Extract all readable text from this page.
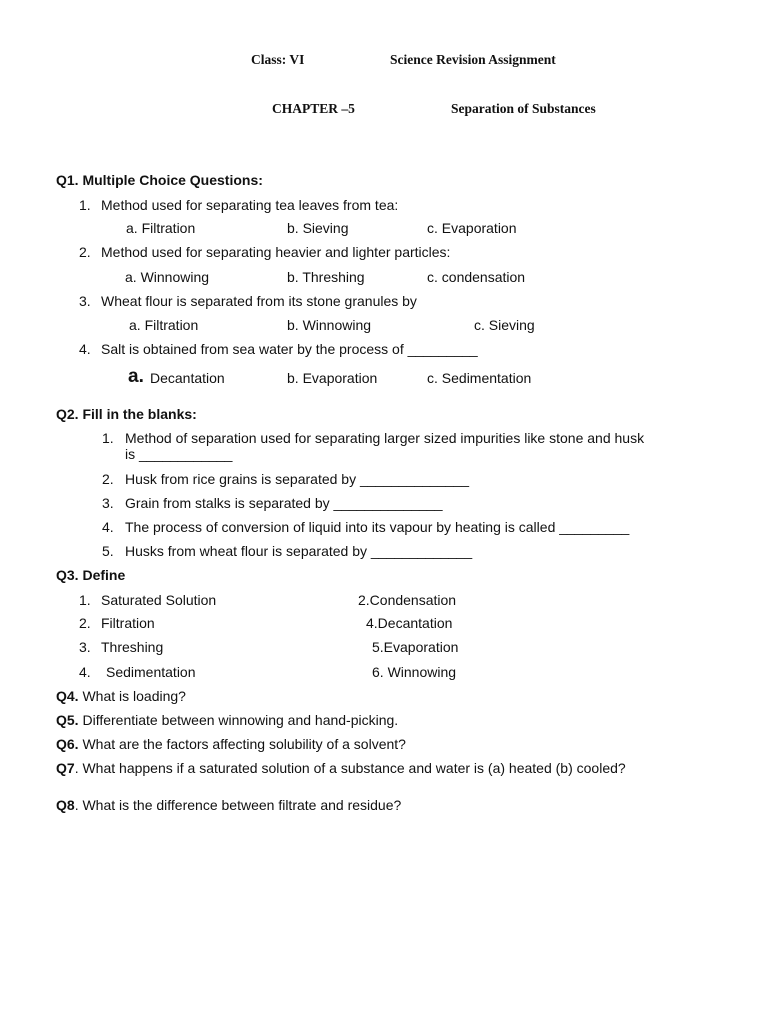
Class: VI	Science Revision Assignment
CHAPTER –5	Separation of Substances
Q1. Multiple Choice Questions:
1. Method used for separating tea leaves from tea:
a. Filtration	b. Sieving	c. Evaporation
2. Method used for separating heavier and lighter particles:
a. Winnowing	b. Threshing	c. condensation
3. Wheat flour is separated from its stone granules by
a. Filtration	b. Winnowing	c. Sieving
4. Salt is obtained from sea water by the process of _________
a. Decantation	b. Evaporation	c. Sedimentation
Q2. Fill in the blanks:
1. Method of separation used for separating larger sized impurities like stone and husk
is ____________
2. Husk from rice grains is separated by ______________
3. Grain from stalks is separated by ______________
4. The process of conversion of liquid into its vapour by heating is called _________
5. Husks from wheat flour is separated by _____________
Q3. Define
1. Saturated Solution	2.Condensation
2. Filtration	4.Decantation
3. Threshing	5.Evaporation
4. Sedimentation	6. Winnowing
Q4. What is loading?
Q5. Differentiate between winnowing and hand-picking.
Q6. What are the factors affecting solubility of a solvent?
Q7. What happens if a saturated solution of a substance and water is (a) heated (b) cooled?
Q8. What is the difference between filtrate and residue?
